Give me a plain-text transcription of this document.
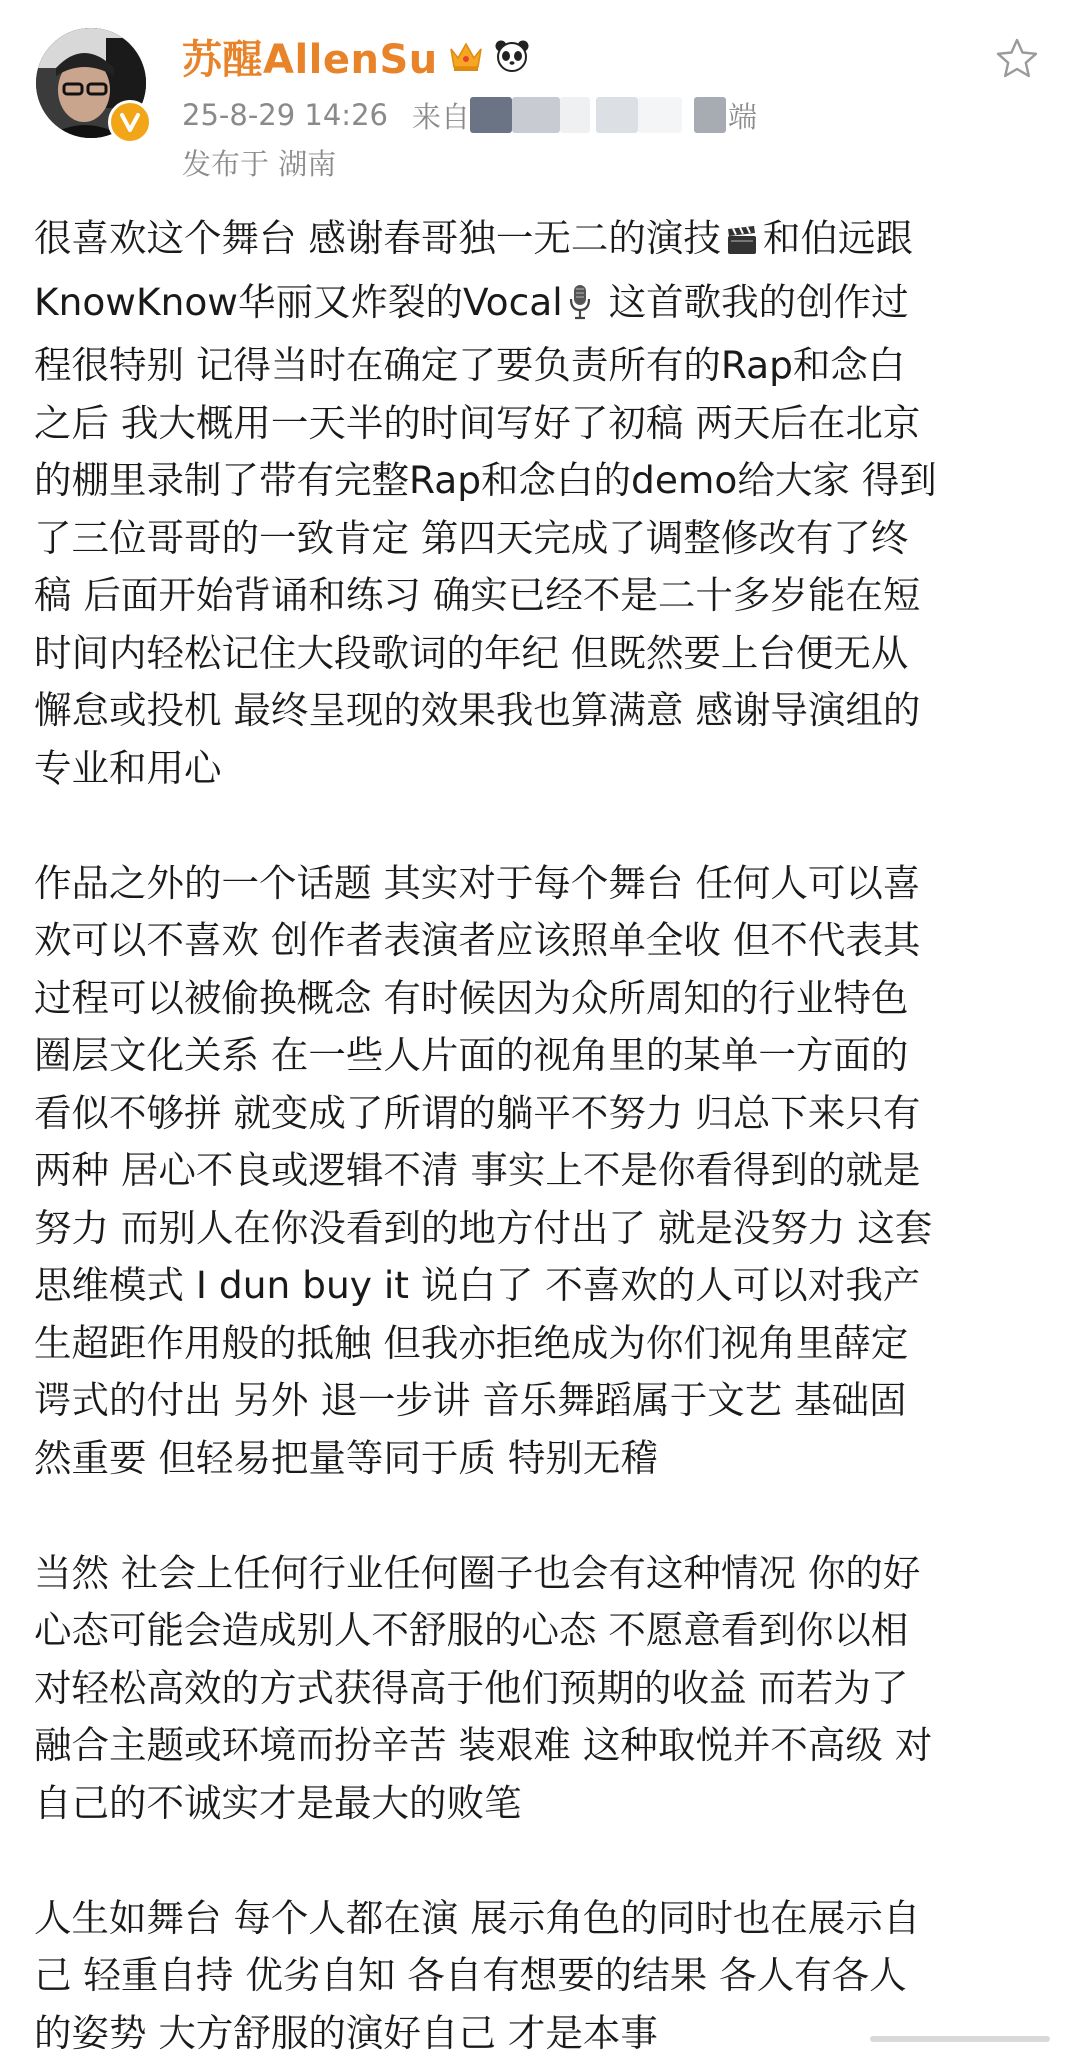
苏醒AllenSu
25-8-29 14:26 来自	端
发布于 湖南
很喜欢这个舞台 感谢春哥独一无二的演技 和伯远跟
KnowKnow华丽又炸裂的Vocal 这首歌我的创作过
程很特别 记得当时在确定了要负责所有的Rap和念白
之后 我大概用一天半的时间写好了初稿 两天后在北京
的棚里录制了带有完整Rap和念白的demo给大家 得到
了三位哥哥的一致肯定 第四天完成了调整修改有了终
稿 后面开始背诵和练习 确实已经不是二十多岁能在短
时间内轻松记住大段歌词的年纪 但既然要上台便无从
懈怠或投机 最终呈现的效果我也算满意 感谢导演组的
专业和用心
作品之外的一个话题 其实对于每个舞台 任何人可以喜
欢可以不喜欢 创作者表演者应该照单全收 但不代表其
过程可以被偷换概念 有时候因为众所周知的行业特色
圈层文化关系 在一些人片面的视角里的某单一方面的
看似不够拼 就变成了所谓的躺平不努力 归总下来只有
两种 居心不良或逻辑不清 事实上不是你看得到的就是
努力 而别人在你没看到的地方付出了 就是没努力 这套
思维模式 I dun buy it 说白了 不喜欢的人可以对我产
生超距作用般的抵触 但我亦拒绝成为你们视角里薛定
谔式的付出 另外 退一步讲 音乐舞蹈属于文艺 基础固
然重要 但轻易把量等同于质 特别无稽
当然 社会上任何行业任何圈子也会有这种情况 你的好
心态可能会造成别人不舒服的心态 不愿意看到你以相
对轻松高效的方式获得高于他们预期的收益 而若为了
融合主题或环境而扮辛苦 装艰难 这种取悦并不高级 对
自己的不诚实才是最大的败笔
人生如舞台 每个人都在演 展示角色的同时也在展示自
己 轻重自持 优劣自知 各自有想要的结果 各人有各人
的姿势 大方舒服的演好自己 才是本事
